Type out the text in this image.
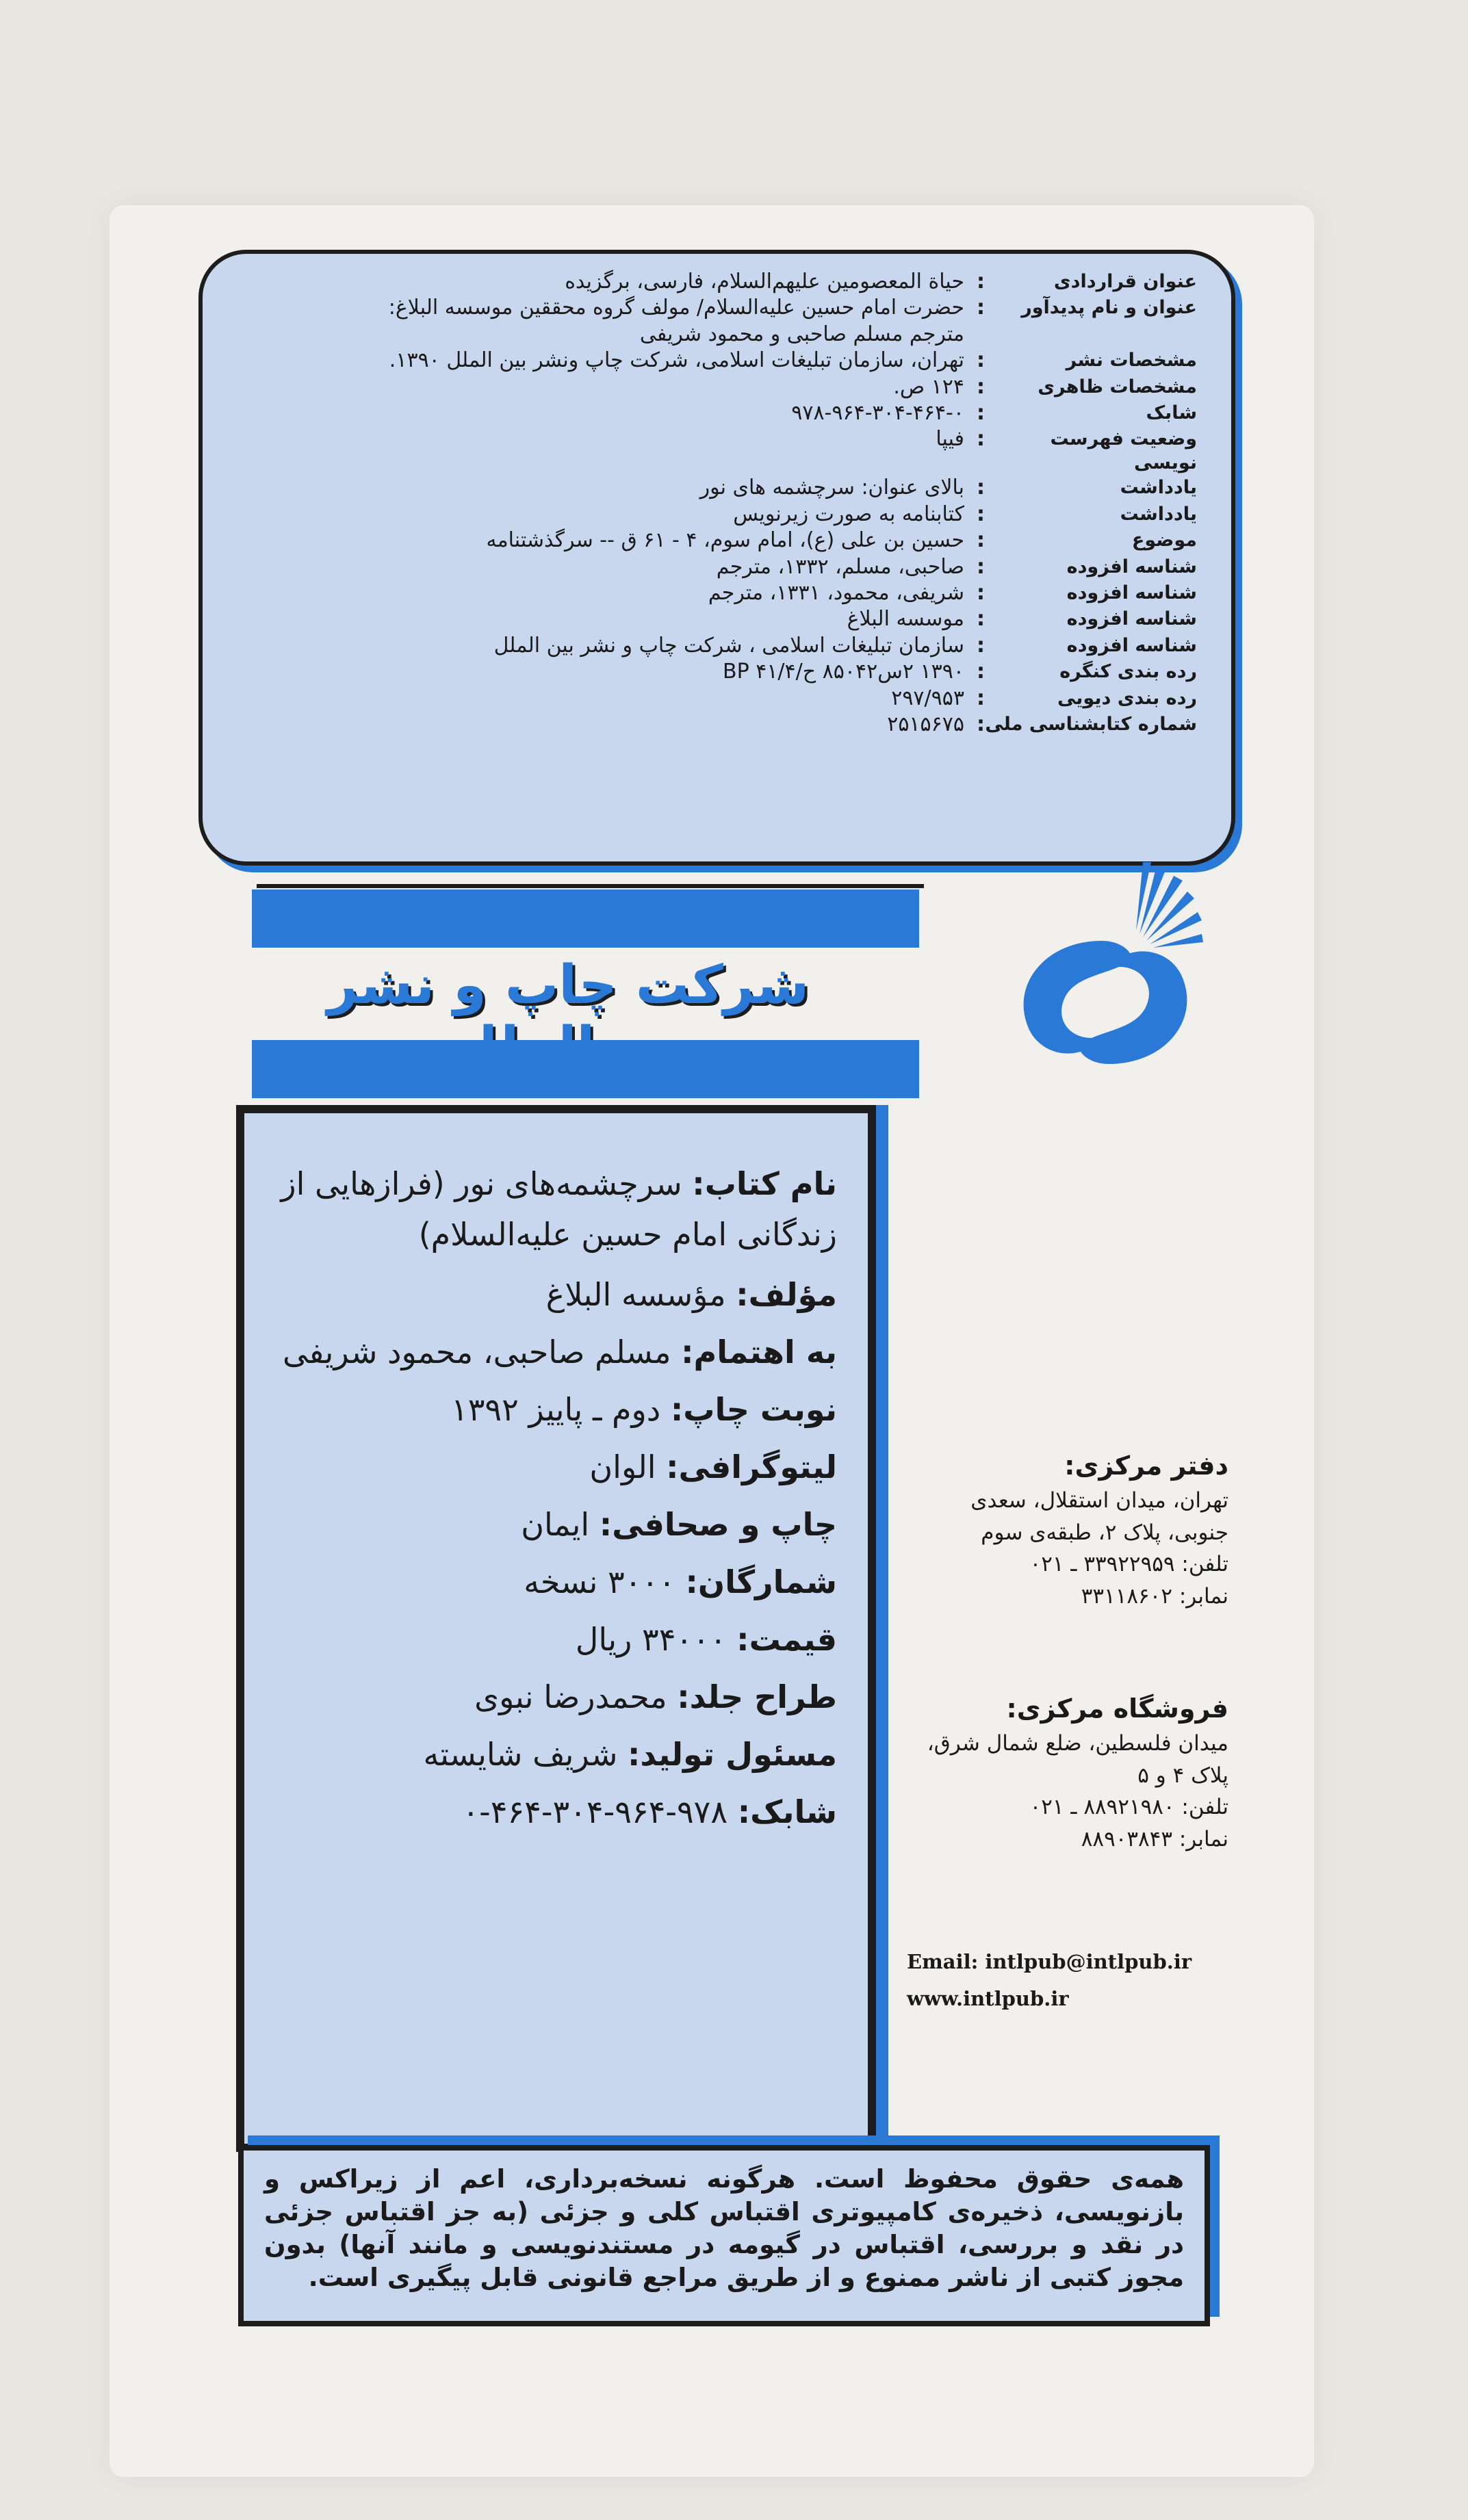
عنوان قراردادی
:
حیاة المعصومین علیهم‌السلام، فارسی، برگزیده
عنوان و نام پدیدآور
:
حضرت امام حسین علیه‌السلام/ مولف گروه محققین موسسه البلاغ:
مترجم مسلم صاحبی و محمود شریفی
مشخصات نشر
:
تهران، سازمان تبلیغات اسلامی، شرکت چاپ ونشر بین الملل ۱۳۹۰.
مشخصات ظاهری
:
۱۲۴ ص.
شابک
:
۹۷۸-۹۶۴-۳۰۴-۴۶۴-۰
وضعیت فهرست نویسی
:
فیپا
یادداشت
:
بالای عنوان: سرچشمه های نور
یادداشت
:
کتابنامه به صورت زیرنویس
موضوع
:
حسین بن علی (ع)، امام سوم، ۴ - ۶۱ ق -- سرگذشتنامه
شناسه افزوده
:
صاحبی، مسلم، ۱۳۳۲، مترجم
شناسه افزوده
:
شریفی، محمود، ۱۳۳۱، مترجم
شناسه افزوده
:
موسسه البلاغ
شناسه افزوده
:
سازمان تبلیغات اسلامی ، شرکت چاپ و نشر بین الملل
رده بندی کنگره
:
۱۳۹۰ ۲س۸۵۰۴۲ ح/BP ۴۱/۴
رده بندی دیویی
:
۲۹۷/۹۵۳
شماره کتابشناسی ملی
:
۲۵۱۵۶۷۵
شرکت چاپ و نشر
نام کتاب: سرچشمه‌های نور (فرازهایی از
زندگانی امام حسین علیه‌السلام)
مؤلف: مؤسسه البلاغ
به اهتمام: مسلم صاحبی، محمود شریفی
نوبت چاپ: دوم ـ پاییز ۱۳۹۲
لیتوگرافی: الوان
چاپ و صحافی: ایمان
شمارگان: ۳۰۰۰ نسخه
قیمت: ۳۴۰۰۰ ریال
طراح جلد: محمدرضا نبوی
مسئول تولید: شریف شایسته
شابک: ۹۷۸-۹۶۴-۳۰۴-۴۶۴-۰
دفتر مرکزی:

تهران، میدان استقلال، سعدی

جنوبی، پلاک ۲، طبقه‌ی سوم

تلفن: ۳۳۹۲۲۹۵۹ ـ ۰۲۱

نمابر: ۳۳۱۱۸۶۰۲

فروشگاه مرکزی:

میدان فلسطین، ضلع شمال شرق،

پلاک ۴ و ۵

تلفن: ۸۸۹۲۱۹۸۰ ـ ۰۲۱

نمابر: ۸۸۹۰۳۸۴۳

Email: intlpub@intlpub.ir

www.intlpub.ir

همه‌ی حقوق محفوظ است. هرگونه نسخه‌برداری، اعم از زیراکس و بازنویسی، ذخیره‌ی کامپیوتری اقتباس کلی و جزئی (به جز اقتباس جزئی در نقد و بررسی، اقتباس در گیومه در مستندنویسی و مانند آنها) بدون مجوز کتبی از ناشر ممنوع و از طریق مراجع قانونی قابل پیگیری است.
